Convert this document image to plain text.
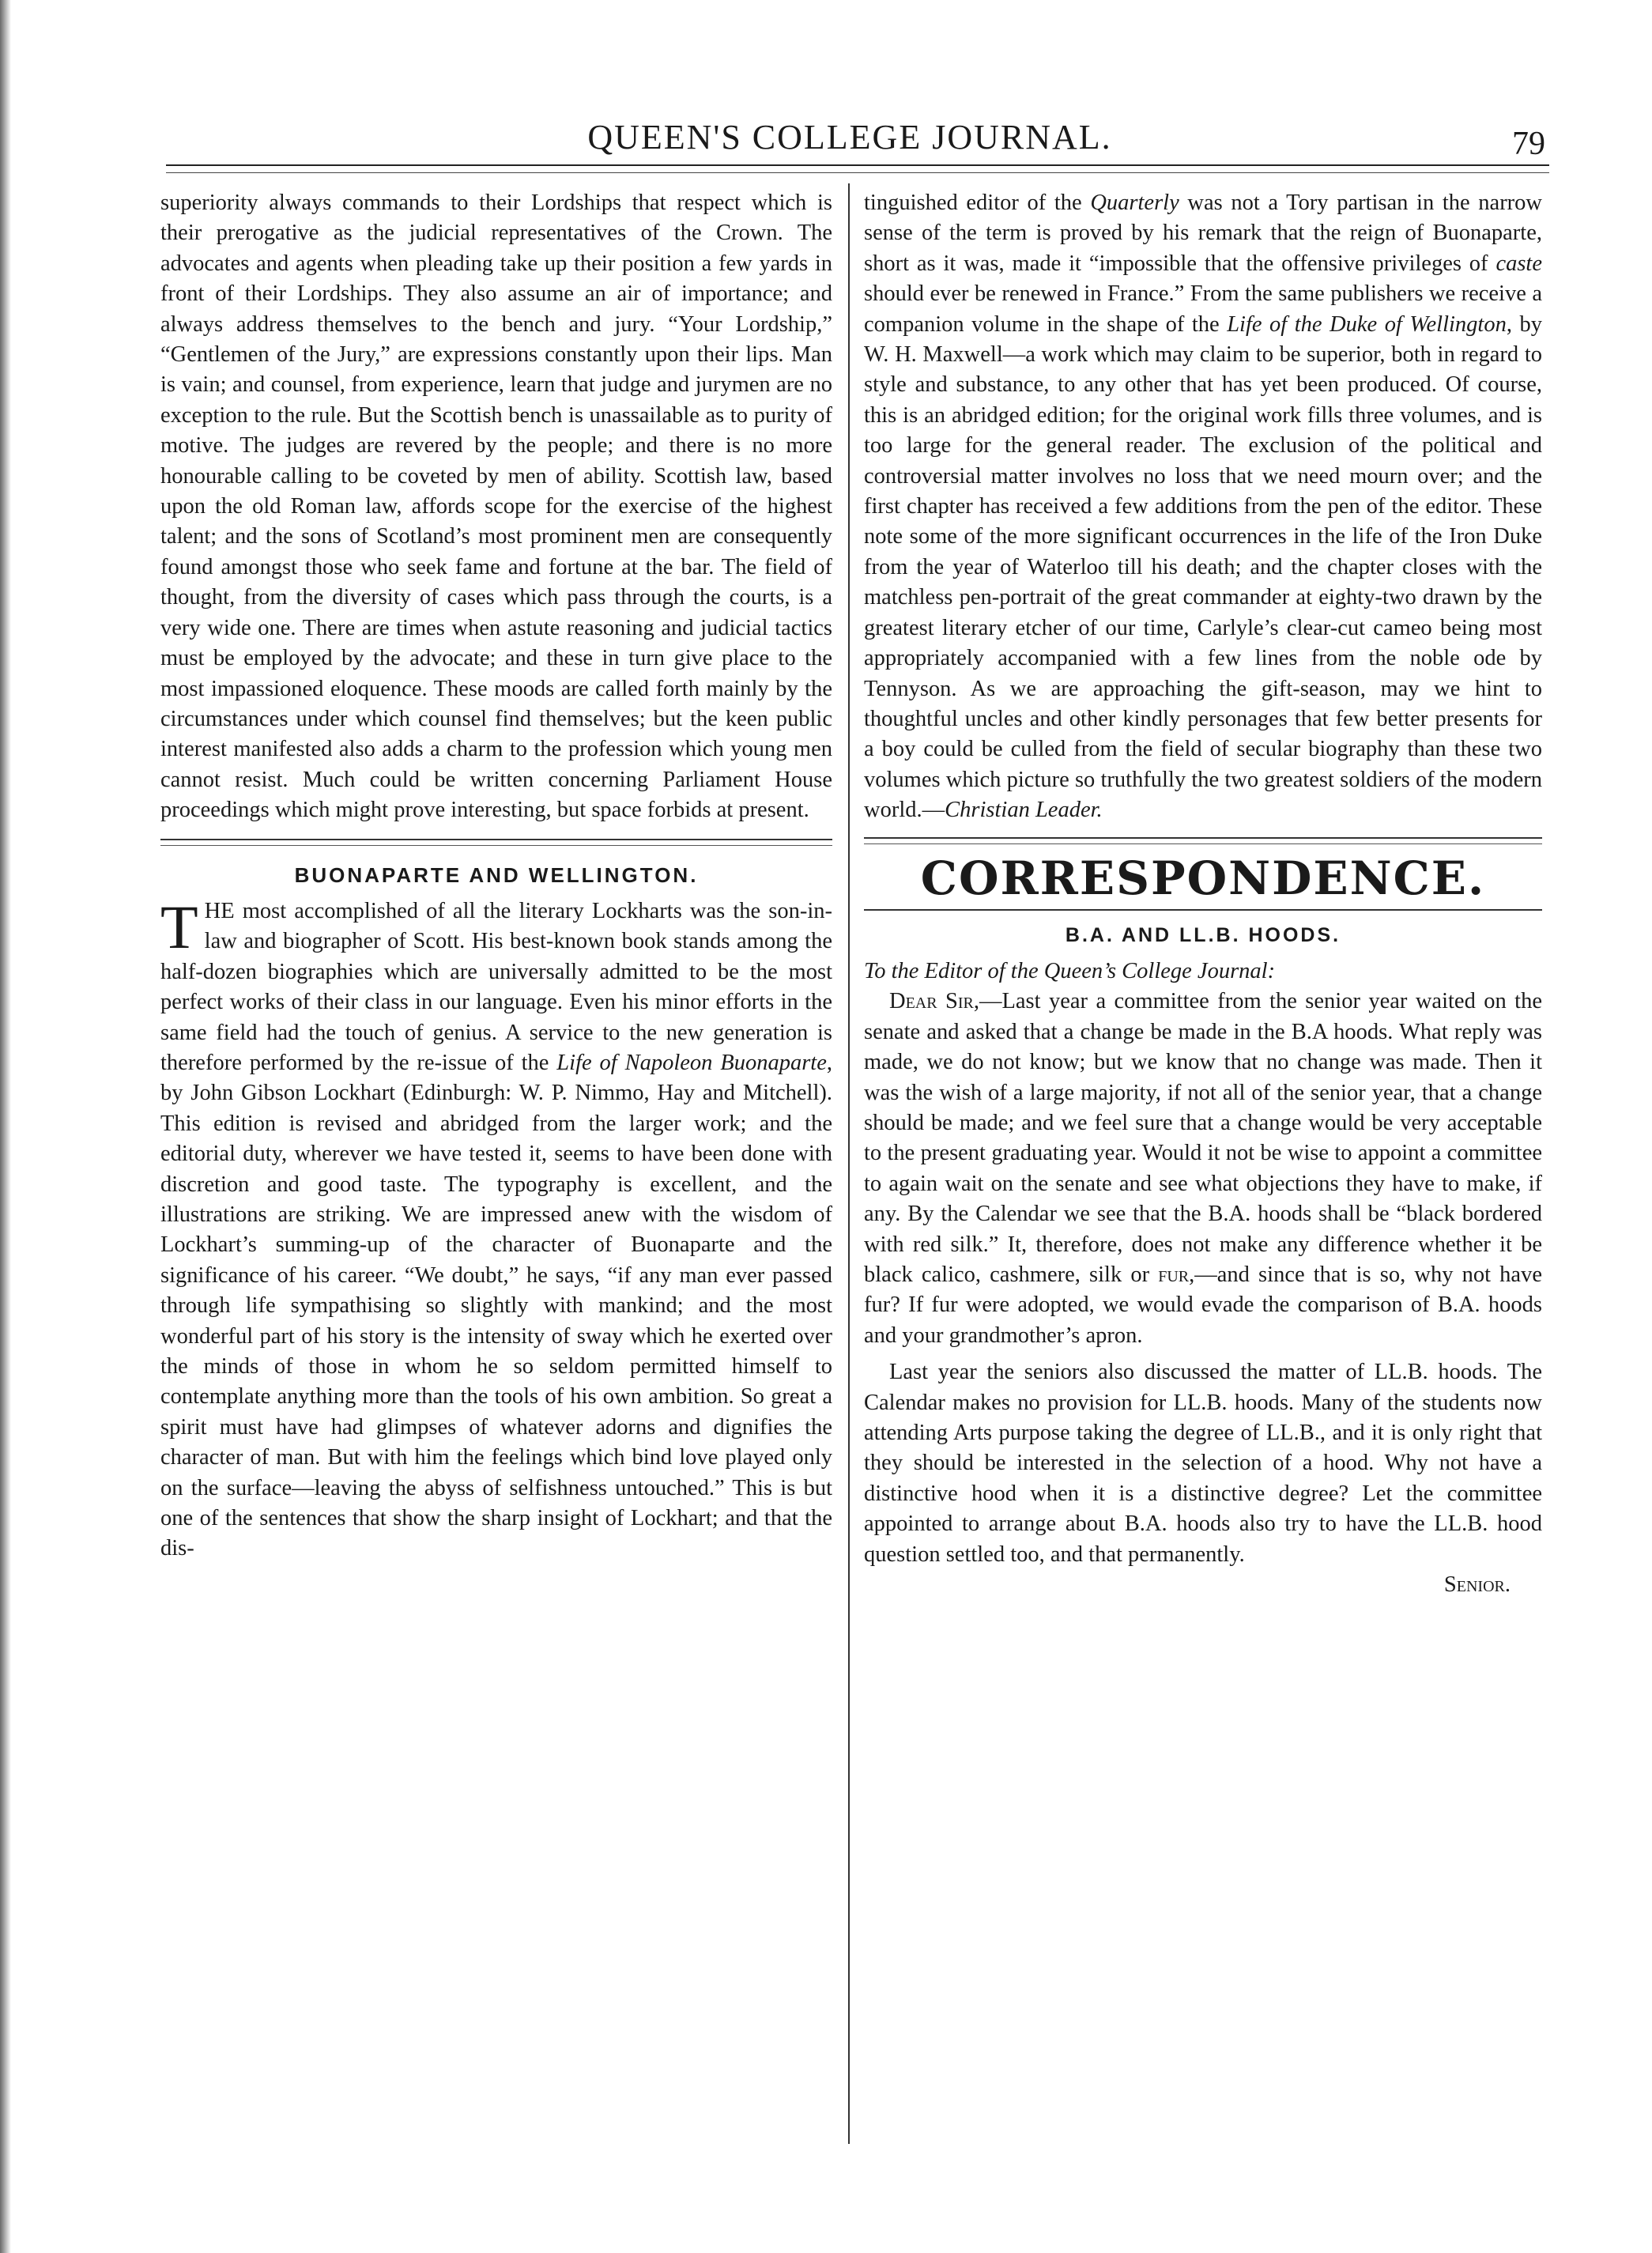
QUEEN'S COLLEGE JOURNAL.	79

superiority always commands to their Lordships that respect which is their prerogative as the judicial representatives of the Crown. The advocates and agents when pleading take up their position a few yards in front of their Lordships. They also assume an air of importance; and always address themselves to the bench and jury. “Your Lordship,” “Gentlemen of the Jury,” are expressions constantly upon their lips. Man is vain; and counsel, from experience, learn that judge and jurymen are no exception to the rule. But the Scottish bench is unassailable as to purity of motive. The judges are revered by the people; and there is no more honourable calling to be coveted by men of ability. Scottish law, based upon the old Roman law, affords scope for the exercise of the highest talent; and the sons of Scotland’s most prominent men are consequently found amongst those who seek fame and fortune at the bar. The field of thought, from the diversity of cases which pass through the courts, is a very wide one. There are times when astute reasoning and judicial tactics must be employed by the advocate; and these in turn give place to the most impassioned eloquence. These moods are called forth mainly by the circumstances under which counsel find themselves; but the keen public interest manifested also adds a charm to the profession which young men cannot resist. Much could be written concerning Parliament House proceedings which might prove interesting, but space forbids at present.

BUONAPARTE AND WELLINGTON.

THE most accomplished of all the literary Lockharts was the son-in-law and biographer of Scott. His best-known book stands among the half-dozen biographies which are universally admitted to be the most perfect works of their class in our language. Even his minor efforts in the same field had the touch of genius. A service to the new generation is therefore performed by the re-issue of the Life of Napoleon Buonaparte, by John Gibson Lockhart (Edinburgh: W. P. Nimmo, Hay and Mitchell). This edition is revised and abridged from the larger work; and the editorial duty, wherever we have tested it, seems to have been done with discretion and good taste. The typography is excellent, and the illustrations are striking. We are impressed anew with the wisdom of Lockhart’s summing-up of the character of Buonaparte and the significance of his career. “We doubt,” he says, “if any man ever passed through life sympathising so slightly with mankind; and the most wonderful part of his story is the intensity of sway which he exerted over the minds of those in whom he so seldom permitted himself to contemplate anything more than the tools of his own ambition. So great a spirit must have had glimpses of whatever adorns and dignifies the character of man. But with him the feelings which bind love played only on the surface—leaving the abyss of selfishness untouched.” This is but one of the sentences that show the sharp insight of Lockhart; and that the dis-

tinguished editor of the Quarterly was not a Tory partisan in the narrow sense of the term is proved by his remark that the reign of Buonaparte, short as it was, made it “impossible that the offensive privileges of caste should ever be renewed in France.” From the same publishers we receive a companion volume in the shape of the Life of the Duke of Wellington, by W. H. Maxwell—a work which may claim to be superior, both in regard to style and substance, to any other that has yet been produced. Of course, this is an abridged edition; for the original work fills three volumes, and is too large for the general reader. The exclusion of the political and controversial matter involves no loss that we need mourn over; and the first chapter has received a few additions from the pen of the editor. These note some of the more significant occurrences in the life of the Iron Duke from the year of Waterloo till his death; and the chapter closes with the matchless pen-portrait of the great commander at eighty-two drawn by the greatest literary etcher of our time, Carlyle’s clear-cut cameo being most appropriately accompanied with a few lines from the noble ode by Tennyson. As we are approaching the gift-season, may we hint to thoughtful uncles and other kindly personages that few better presents for a boy could be culled from the field of secular biography than these two volumes which picture so truthfully the two greatest soldiers of the modern world.—Christian Leader.

CORRESPONDENCE.
B.A. AND LL.B. HOODS.

To the Editor of the Queen’s College Journal:

Dear Sir,—Last year a committee from the senior year waited on the senate and asked that a change be made in the B.A hoods. What reply was made, we do not know; but we know that no change was made. Then it was the wish of a large majority, if not all of the senior year, that a change should be made; and we feel sure that a change would be very acceptable to the present graduating year. Would it not be wise to appoint a committee to again wait on the senate and see what objections they have to make, if any. By the Calendar we see that the B.A. hoods shall be “black bordered with red silk.” It, therefore, does not make any difference whether it be black calico, cashmere, silk or fur,—and since that is so, why not have fur? If fur were adopted, we would evade the comparison of B.A. hoods and your grandmother’s apron.

Last year the seniors also discussed the matter of LL.B. hoods. The Calendar makes no provision for LL.B. hoods. Many of the students now attending Arts purpose taking the degree of LL.B., and it is only right that they should be interested in the selection of a hood. Why not have a distinctive hood when it is a distinctive degree? Let the committee appointed to arrange about B.A. hoods also try to have the LL.B. hood question settled too, and that permanently.

Senior.
